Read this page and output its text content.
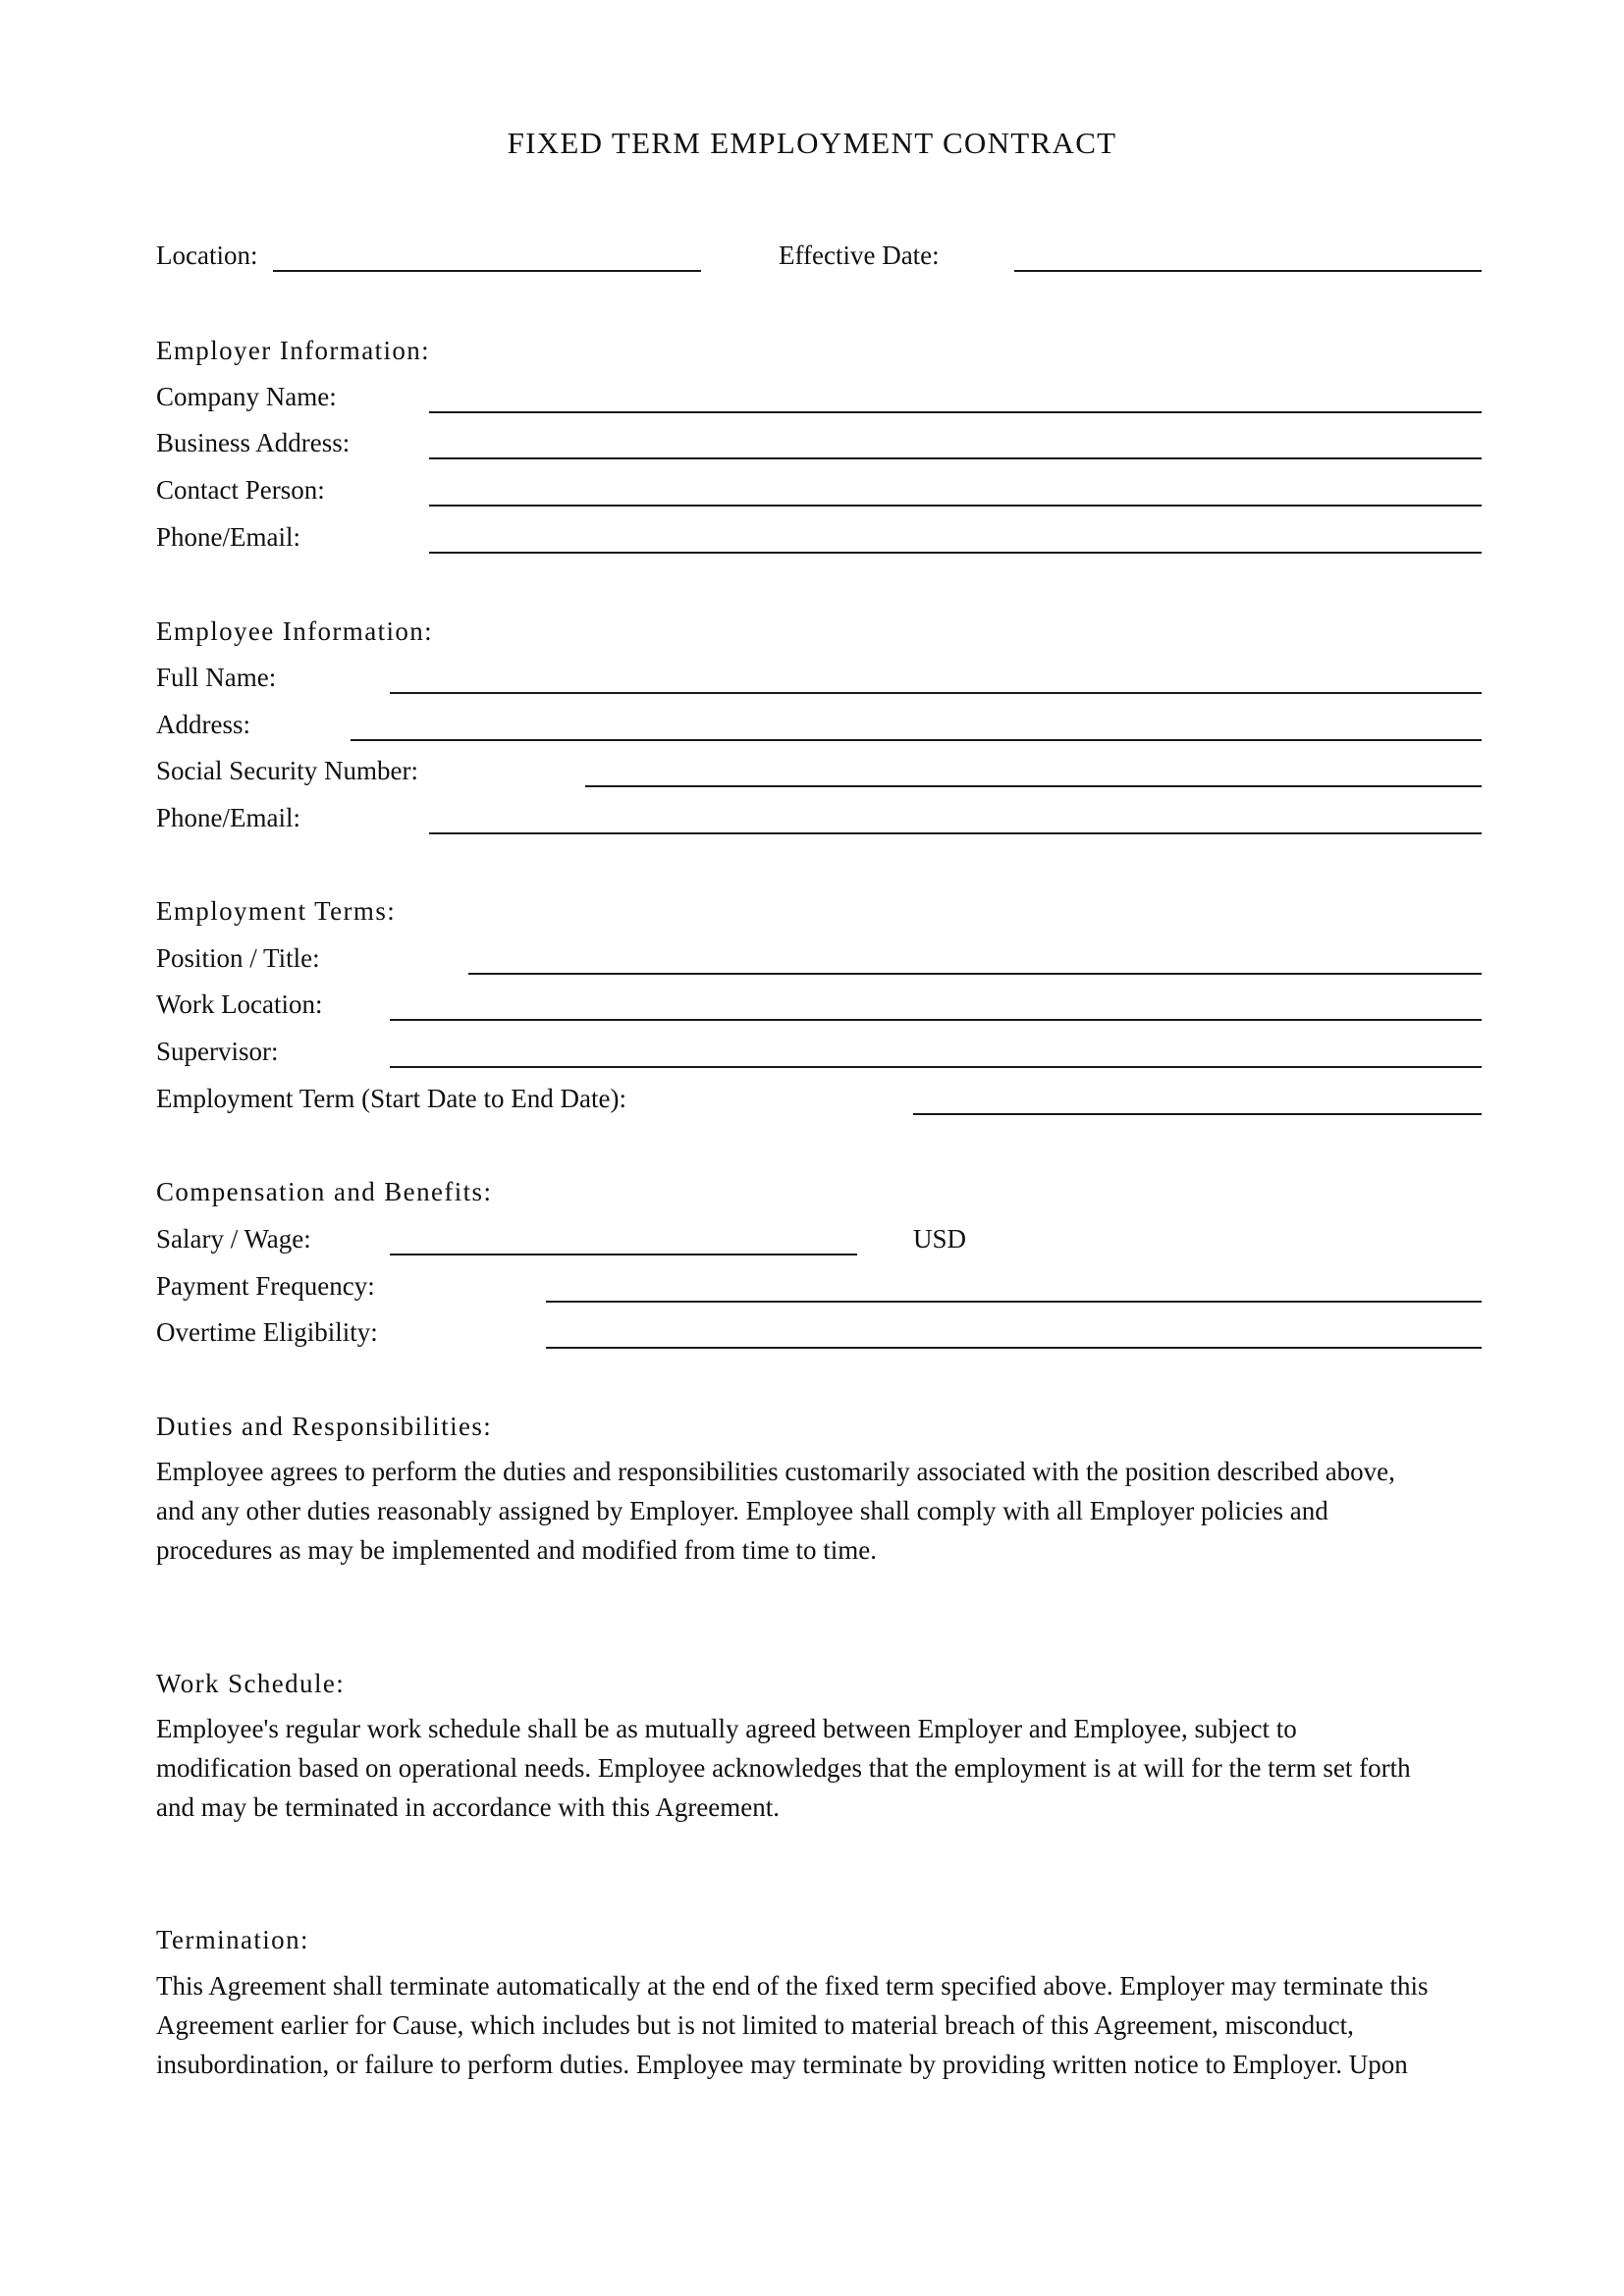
FIXED TERM EMPLOYMENT CONTRACT
Location:	Effective Date:
Employer Information:
Company Name:
Business Address:
Contact Person:
Phone/Email:
Employee Information:
Full Name:
Address:
Social Security Number:
Phone/Email:
Employment Terms:
Position / Title:
Work Location:
Supervisor:
Employment Term (Start Date to End Date):
Compensation and Benefits:
Salary / Wage:	USD
Payment Frequency:
Overtime Eligibility:
Duties and Responsibilities:
Employee agrees to perform the duties and responsibilities customarily associated with the position described above,
and any other duties reasonably assigned by Employer. Employee shall comply with all Employer policies and
procedures as may be implemented and modified from time to time.
Work Schedule:
Employee's regular work schedule shall be as mutually agreed between Employer and Employee, subject to
modification based on operational needs. Employee acknowledges that the employment is at will for the term set forth
and may be terminated in accordance with this Agreement.
Termination:
This Agreement shall terminate automatically at the end of the fixed term specified above. Employer may terminate this
Agreement earlier for Cause, which includes but is not limited to material breach of this Agreement, misconduct,
insubordination, or failure to perform duties. Employee may terminate by providing written notice to Employer. Upon
